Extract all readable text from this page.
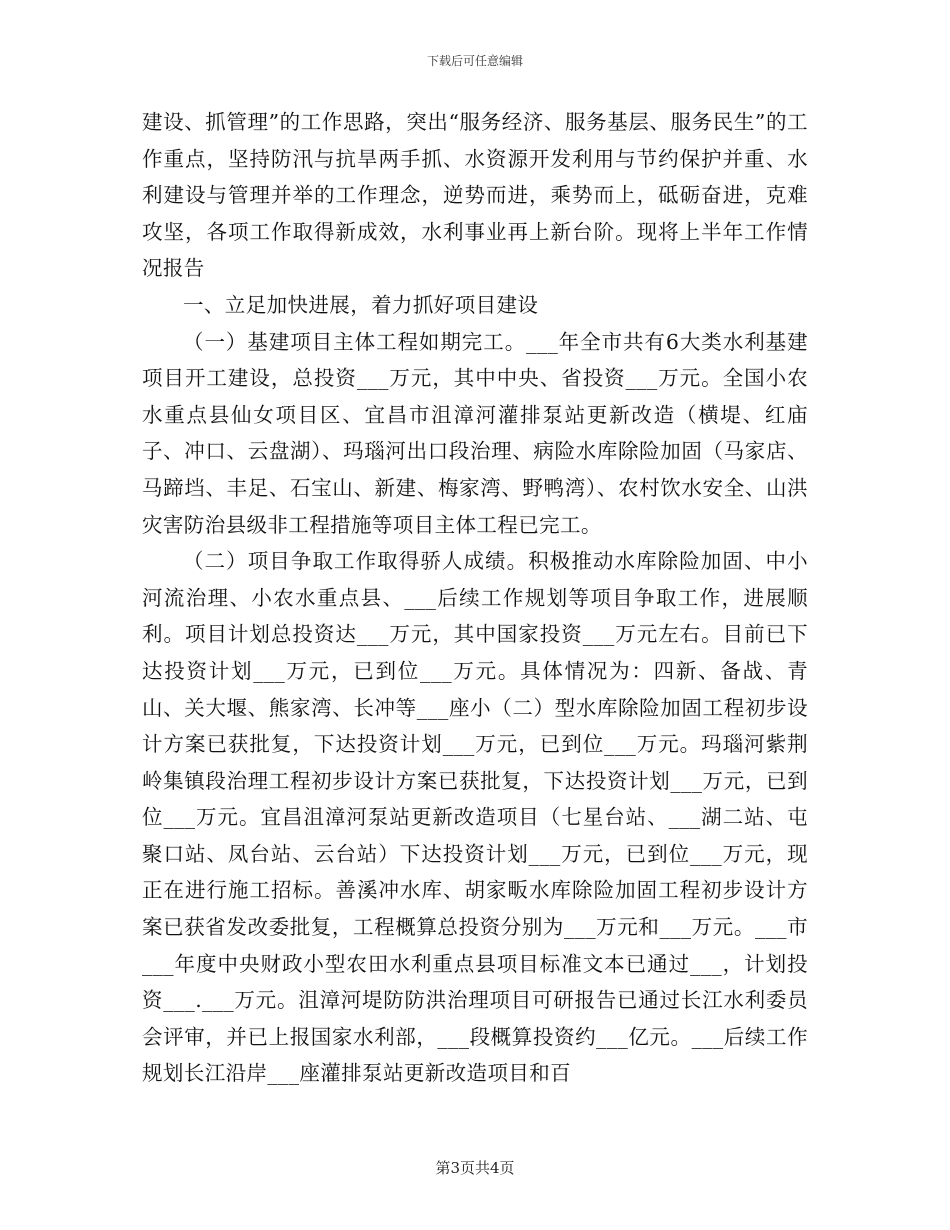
下载后可任意编辑

建设、抓管理”的工作思路，突出“服务经济、服务基层、服务民生”的工作重点，坚持防汛与抗旱两手抓、水资源开发利用与节约保护并重、水利建设与管理并举的工作理念，逆势而进，乘势而上，砥砺奋进，克难攻坚，各项工作取得新成效，水利事业再上新台阶。现将上半年工作情况报告

一、立足加快进展，着力抓好项目建设

（一）基建项目主体工程如期完工。___年全市共有6大类水利基建项目开工建设，总投资___万元，其中中央、省投资___万元。全国小农水重点县仙女项目区、宜昌市沮漳河灌排泵站更新改造（横堤、红庙子、冲口、云盘湖）、玛瑙河出口段治理、病险水库除险加固（马家店、马蹄垱、丰足、石宝山、新建、梅家湾、野鸭湾）、农村饮水安全、山洪灾害防治县级非工程措施等项目主体工程已完工。

（二）项目争取工作取得骄人成绩。积极推动水库除险加固、中小河流治理、小农水重点县、___后续工作规划等项目争取工作，进展顺利。项目计划总投资达___万元，其中国家投资___万元左右。目前已下达投资计划___万元，已到位___万元。具体情况为：四新、备战、青山、关大堰、熊家湾、长冲等___座小（二）型水库除险加固工程初步设计方案已获批复，下达投资计划___万元，已到位___万元。玛瑙河紫荆岭集镇段治理工程初步设计方案已获批复，下达投资计划___万元，已到位___万元。宜昌沮漳河泵站更新改造项目（七星台站、___湖二站、屯聚口站、凤台站、云台站）下达投资计划___万元，已到位___万元，现正在进行施工招标。善溪冲水库、胡家畈水库除险加固工程初步设计方案已获省发改委批复，工程概算总投资分别为___万元和___万元。___市___年度中央财政小型农田水利重点县项目标准文本已通过___，计划投资___.___万元。沮漳河堤防防洪治理项目可研报告已通过长江水利委员会评审，并已上报国家水利部，___段概算投资约___亿元。___后续工作规划长江沿岸___座灌排泵站更新改造项目和百

第3页共4页
